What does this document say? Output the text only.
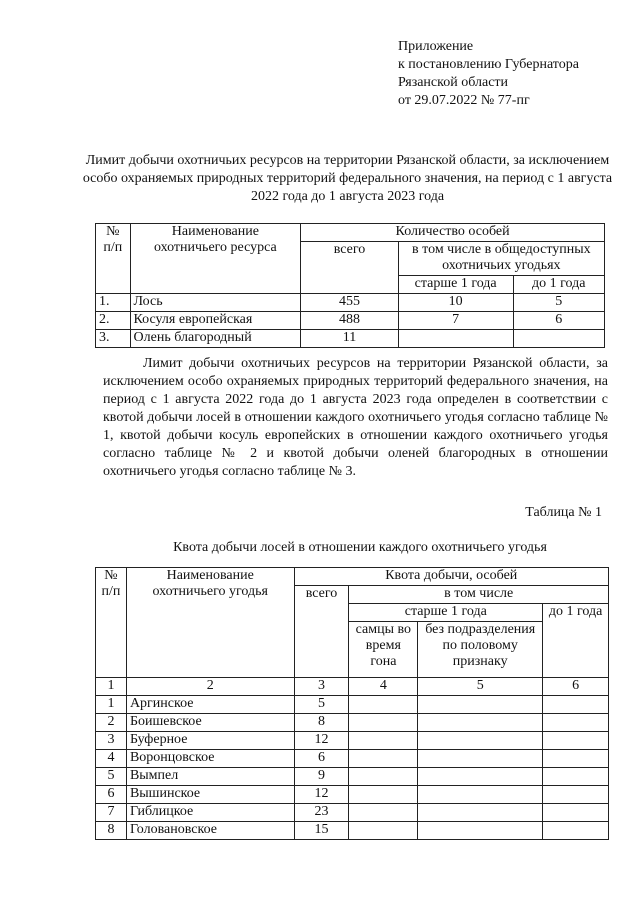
Приложение
к постановлению Губернатора
Рязанской области
от 29.07.2022 № 77-пг
Лимит добычи охотничьих ресурсов на территории Рязанской области, за исключением особо охраняемых природных территорий федерального значения, на период с 1 августа 2022 года до 1 августа 2023 года
№ п/п	Наименование охотничьего ресурса	Количество особей		
		всего	в том числе в общедоступных охотничьих угодьях	
			старше 1 года	до 1 года
1.	Лось	455	10	5
2.	Косуля европейская	488	7	6
3.	Олень благородный	11		
Лимит добычи охотничьих ресурсов на территории Рязанской области, за исключением особо охраняемых природных территорий федерального значения, на период с 1 августа 2022 года до 1 августа 2023 года определен в соответствии с квотой добычи лосей в отношении каждого охотничьего угодья согласно таблице № 1, квотой добычи косуль европейских в отношении каждого охотничьего угодья согласно таблице № 2 и квотой добычи оленей благородных в отношении охотничьего угодья согласно таблице № 3.
Таблица № 1
Квота добычи лосей в отношении каждого охотничьего угодья
№ п/п	Наименование охотничьего угодья	Квота добычи, особей			
		всего	в том числе		
			старше 1 года		до 1 года
			самцы во время гона	без подразделения по половому признаку	
1	2	3	4	5	6
1	Аргинское	5			
2	Боишевское	8			
3	Буферное	12			
4	Воронцовское	6			
5	Вымпел	9			
6	Вышинское	12			
7	Гиблицкое	23			
8	Головановское	15			
